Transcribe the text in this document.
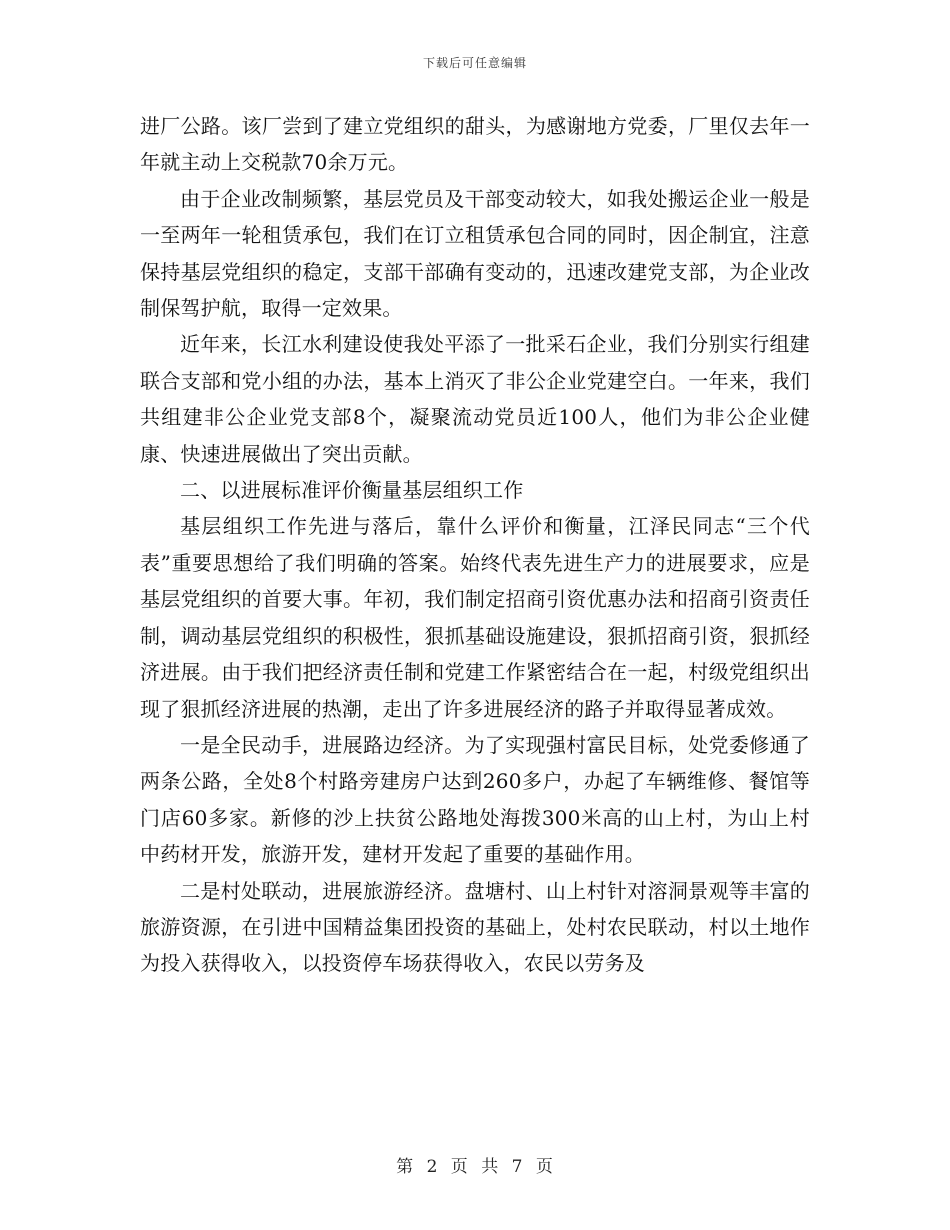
下载后可任意编辑

进厂公路。该厂尝到了建立党组织的甜头，为感谢地方党委，厂里仅去年一年就主动上交税款70余万元。

由于企业改制频繁，基层党员及干部变动较大，如我处搬运企业一般是一至两年一轮租赁承包，我们在订立租赁承包合同的同时，因企制宜，注意保持基层党组织的稳定，支部干部确有变动的，迅速改建党支部，为企业改制保驾护航，取得一定效果。

近年来，长江水利建设使我处平添了一批采石企业，我们分别实行组建联合支部和党小组的办法，基本上消灭了非公企业党建空白。一年来，我们共组建非公企业党支部8个，凝聚流动党员近100人，他们为非公企业健康、快速进展做出了突出贡献。

二、以进展标准评价衡量基层组织工作

基层组织工作先进与落后，靠什么评价和衡量，江泽民同志“三个代表”重要思想给了我们明确的答案。始终代表先进生产力的进展要求，应是基层党组织的首要大事。年初，我们制定招商引资优惠办法和招商引资责任制，调动基层党组织的积极性，狠抓基础设施建设，狠抓招商引资，狠抓经济进展。由于我们把经济责任制和党建工作紧密结合在一起，村级党组织出现了狠抓经济进展的热潮，走出了许多进展经济的路子并取得显著成效。

一是全民动手，进展路边经济。为了实现强村富民目标，处党委修通了两条公路，全处8个村路旁建房户达到260多户，办起了车辆维修、餐馆等门店60多家。新修的沙上扶贫公路地处海拨300米高的山上村，为山上村中药材开发，旅游开发，建材开发起了重要的基础作用。

二是村处联动，进展旅游经济。盘塘村、山上村针对溶洞景观等丰富的旅游资源，在引进中国精益集团投资的基础上，处村农民联动，村以土地作为投入获得收入，以投资停车场获得收入，农民以劳务及

第 2 页 共 7 页
